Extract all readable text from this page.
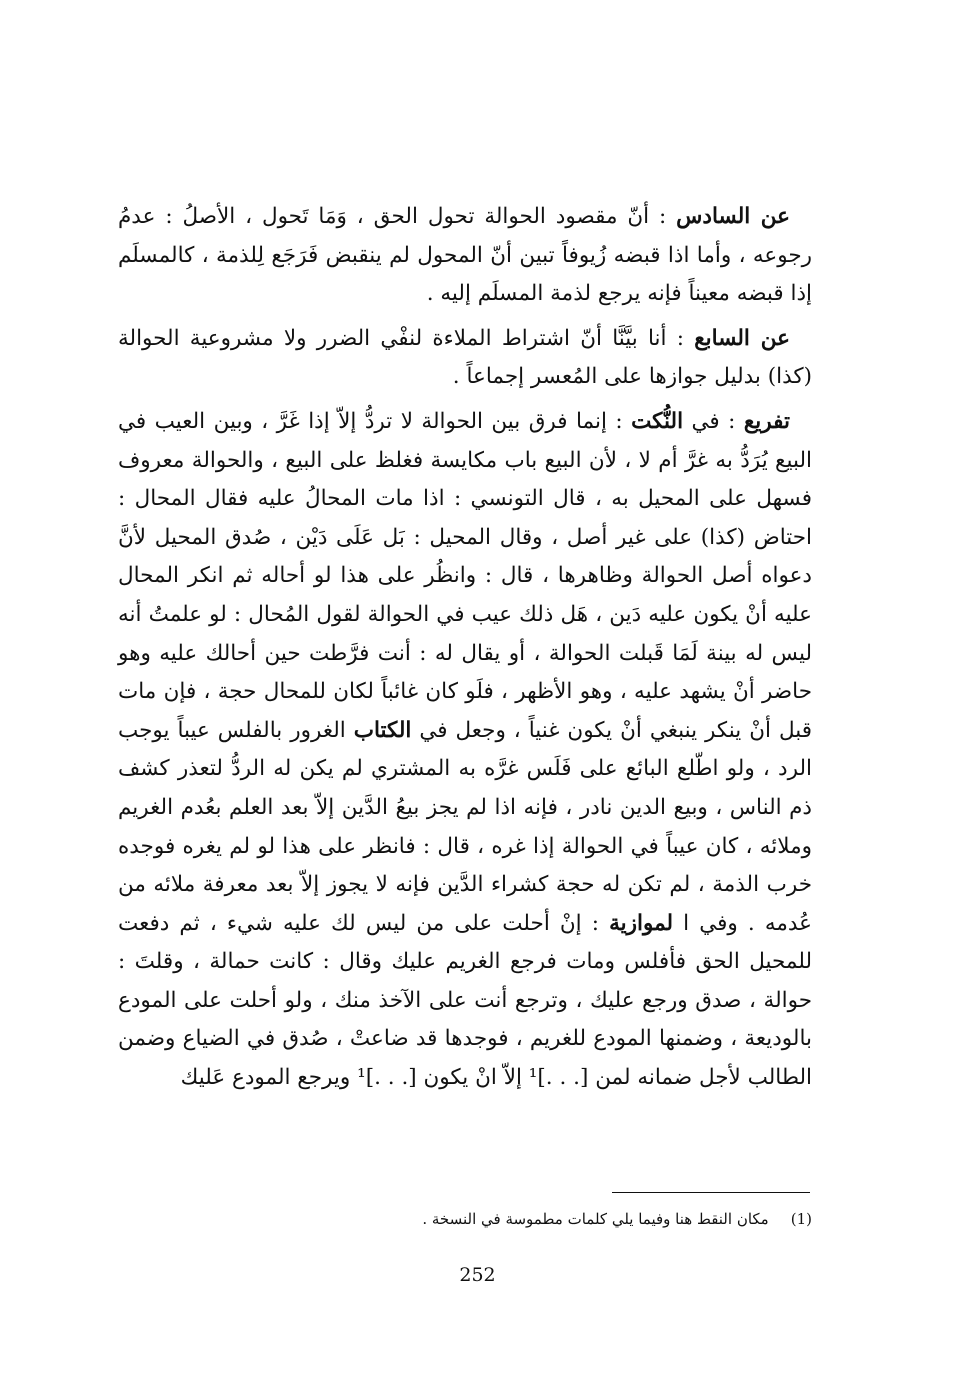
عن السادس : أنّ مقصود الحوالة تحول الحق ، وَمَا تَحول ، الأصلُ : عدمُ رجوعه ، وأما اذا قبضه زُيوفاً تبين أنّ المحول لم ينقبض فَرَجَع لِلذمة ، كالمسلَم إذا قبضه معيناً فإنه يرجع لذمة المسلَم إليه .

عن السابع : أنا بيَّنَّا أنّ اشتراط الملاءة لنفْي الضرر ولا مشروعية الحوالة (كذا) بدليل جوازها على المُعسر إجماعاً .

تفريع : في النُّكت : إنما فرق بين الحوالة لا تردُّ إلاّ إذا غَرَّ ، وبين العيب في البيع يُرَدُّ به غرَّ أم لا ، لأن البيع باب مكايسة فغلظ على البيع ، والحوالة معروف فسهل على المحيل به ، قال التونسي : اذا مات المحالُ عليه فقال المحال : احتاض (كذا) على غير أصل ، وقال المحيل : بَل عَلَى دَيْن ، صُدق المحيل لأنَّ دعواه أصل الحوالة وظاهرها ، قال : وانظُر على هذا لو أحاله ثم انكر المحال عليه أنْ يكون عليه دَين ، هَل ذلك عيب في الحوالة لقول المُحال : لو علمتُ أنه ليس له بينة لَمَا قَبلت الحوالة ، أو يقال له : أنت فرَّطت حين أحالك عليه وهو حاضر أنْ يشهد عليه ، وهو الأظهر ، فلَو كان غائباً لكان للمحال حجة ، فإن مات قبل أنْ ينكر ينبغي أنْ يكون غنياً ، وجعل في الكتاب الغرور بالفلس عيباً يوجب الرد ، ولو اطّلع البائع على فَلَس غرَّه به المشتري لم يكن له الردُّ لتعذر كشف ذم الناس ، وبيع الدين نادر ، فإنه اذا لم يجز بيعُ الدَّين إلاّ بعد العلم بعُدم الغريم وملائه ، كان عيباً في الحوالة إذا غره ، قال : فانظر على هذا لو لم يغره فوجده خرب الذمة ، لم تكن له حجة كشراء الدَّين فإنه لا يجوز إلاّ بعد معرفة ملائه من عُدمه . وفي ا لموازية : إنْ أحلت على من ليس لك عليه شيء ، ثم دفعت للمحيل الحق فأفلس ومات فرجع الغريم عليك وقال : كانت حمالة ، وقلتَ : حوالة ، صدق ورجع عليك ، وترجع أنت على الآخذ منك ، ولو أحلت على المودع بالوديعة ، وضمنها المودع للغريم ، فوجدها قد ضاعتْ ، صُدق في الضياع وضمن الطالب لأجل ضمانه لمن [. . .]¹ إلاّ انْ يكون [. . .]¹ ويرجع المودع عَليك

(1)مكان النقط هنا وفيما يلي كلمات مطموسة في النسخة .
252
